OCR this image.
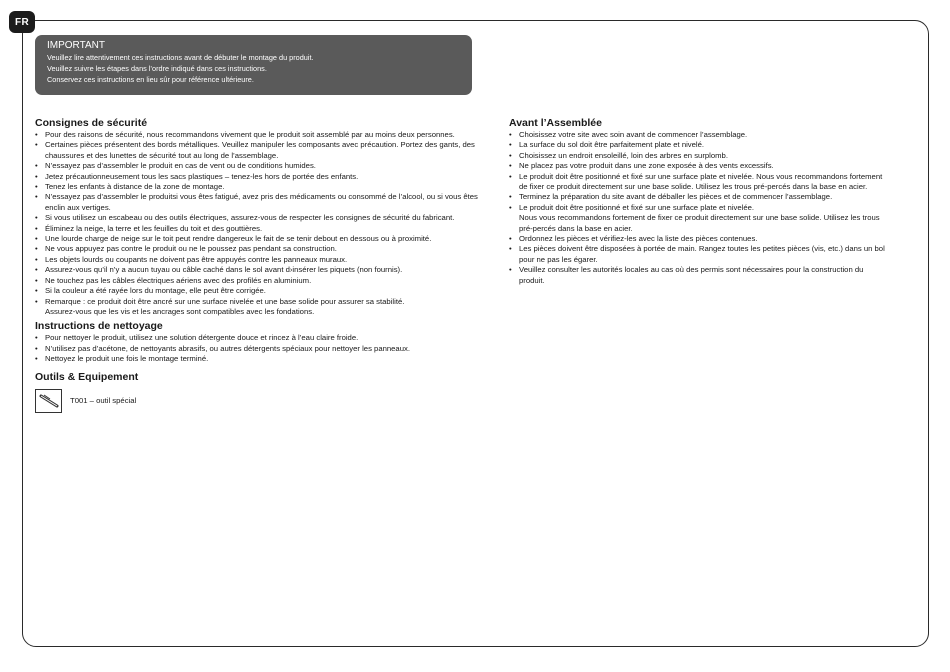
FR
IMPORTANT
Veuillez lire attentivement ces instructions avant de débuter le montage du produit.
Veuillez suivre les étapes dans l’ordre indiqué dans ces instructions.
Conservez ces instructions en lieu sûr pour référence ultérieure.
Consignes de sécurité
• Pour des raisons de sécurité, nous recommandons vivement que le produit soit assemblé par au moins deux personnes.
• Certaines pièces présentent des bords métalliques. Veuillez manipuler les composants avec précaution. Portez des gants, des chaussures et des lunettes de sécurité tout au long de l’assemblage.
• N’essayez pas d’assembler le produit en cas de vent ou de conditions humides.
• Jetez précautionneusement tous les sacs plastiques – tenez-les hors de portée des enfants.
• Tenez les enfants à distance de la zone de montage.
• N’essayez pas d’assembler le produitsi vous êtes fatigué, avez pris des médicaments ou consommé de l’alcool, ou si vous êtes enclin aux vertiges.
• Si vous utilisez un escabeau ou des outils électriques, assurez-vous de respecter les consignes de sécurité du fabricant.
• Éliminez la neige, la terre et les feuilles du toit et des gouttières.
• Une lourde charge de neige sur le toit peut rendre dangereux le fait de se tenir debout en dessous ou à proximité.
• Ne vous appuyez pas contre le produit ou ne le poussez pas pendant sa construction.
• Les objets lourds ou coupants ne doivent pas être appuyés contre les panneaux muraux.
• Assurez-vous qu’il n’y a aucun tuyau ou câble caché dans le sol avant d›insérer les piquets (non fournis).
• Ne touchez pas les câbles électriques aériens avec des profilés en aluminium.
• Si la couleur a été rayée lors du montage, elle peut être corrigée.
• Remarque : ce produit doit être ancré sur une surface nivelée et une base solide pour assurer sa stabilité.
Assurez-vous que les vis et les ancrages sont compatibles avec les fondations.
Instructions de nettoyage
• Pour nettoyer le produit, utilisez une solution détergente douce et rincez à l’eau claire froide.
• N’utilisez pas d’acétone, de nettoyants abrasifs, ou autres détergents spéciaux pour nettoyer les panneaux.
• Nettoyez le produit une fois le montage terminé.
Outils & Equipement
T001 – outil spécial
Avant l’Assemblée
• Choisissez votre site avec soin avant de commencer l’assemblage.
• La surface du sol doit être parfaitement plate et nivelé.
• Choisissez un endroit ensoleillé, loin des arbres en surplomb.
• Ne placez pas votre produit dans une zone exposée à des vents excessifs.
• Le produit doit être positionné et fixé sur une surface plate et nivelée. Nous vous recommandons fortement de fixer ce produit directement sur une base solide. Utilisez les trous pré-percés dans la base en acier.
• Terminez la préparation du site avant de déballer les pièces et de commencer l’assemblage.
• Le produit doit être positionné et fixé sur une surface plate et nivelée.
Nous vous recommandons fortement de fixer ce produit directement sur une base solide. Utilisez les trous pré-percés dans la base en acier.
• Ordonnez les pièces et vérifiez-les avec la liste des pièces contenues.
• Les pièces doivent être disposées à portée de main. Rangez toutes les petites pièces (vis, etc.) dans un bol pour ne pas les égarer.
• Veuillez consulter les autorités locales au cas où des permis sont nécessaires pour la construction du produit.
